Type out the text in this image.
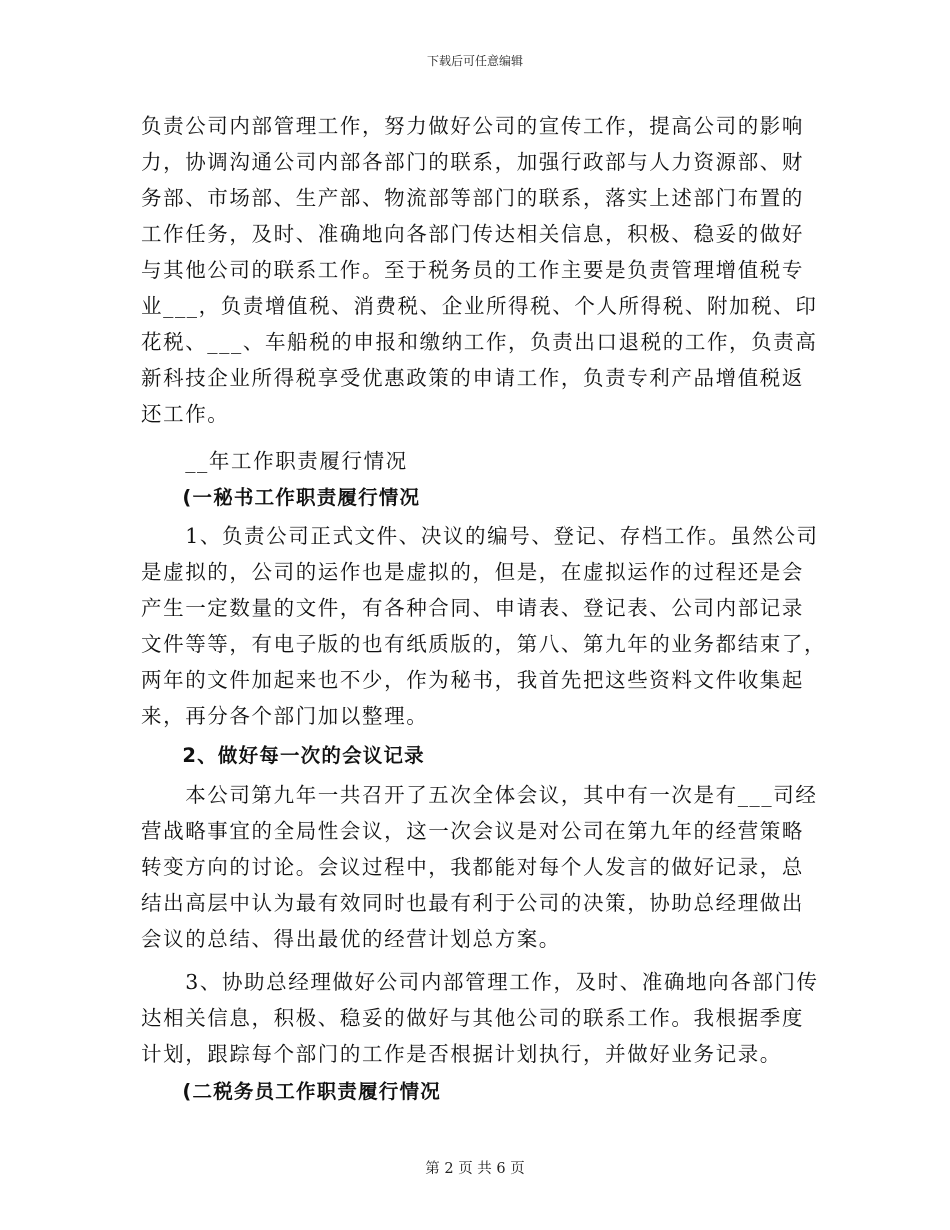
下载后可任意编辑
负责公司内部管理工作，努力做好公司的宣传工作，提高公司的影响
力，协调沟通公司内部各部门的联系，加强行政部与人力资源部、财
务部、市场部、生产部、物流部等部门的联系，落实上述部门布置的
工作任务，及时、准确地向各部门传达相关信息，积极、稳妥的做好
与其他公司的联系工作。至于税务员的工作主要是负责管理增值税专
业___，负责增值税、消费税、企业所得税、个人所得税、附加税、印
花税、___、车船税的申报和缴纳工作，负责出口退税的工作，负责高
新科技企业所得税享受优惠政策的申请工作，负责专利产品增值税返
还工作。
　　__年工作职责履行情况
　　(一秘书工作职责履行情况
　　1、负责公司正式文件、决议的编号、登记、存档工作。虽然公司
是虚拟的，公司的运作也是虚拟的，但是，在虚拟运作的过程还是会
产生一定数量的文件，有各种合同、申请表、登记表、公司内部记录
文件等等，有电子版的也有纸质版的，第八、第九年的业务都结束了，
两年的文件加起来也不少，作为秘书，我首先把这些资料文件收集起
来，再分各个部门加以整理。
　　2、做好每一次的会议记录
　　本公司第九年一共召开了五次全体会议，其中有一次是有___司经
营战略事宜的全局性会议，这一次会议是对公司在第九年的经营策略
转变方向的讨论。会议过程中，我都能对每个人发言的做好记录，总
结出高层中认为最有效同时也最有利于公司的决策，协助总经理做出
会议的总结、得出最优的经营计划总方案。
　　3、协助总经理做好公司内部管理工作，及时、准确地向各部门传
达相关信息，积极、稳妥的做好与其他公司的联系工作。我根据季度
计划，跟踪每个部门的工作是否根据计划执行，并做好业务记录。
　　(二税务员工作职责履行情况
第 2 页 共 6 页
